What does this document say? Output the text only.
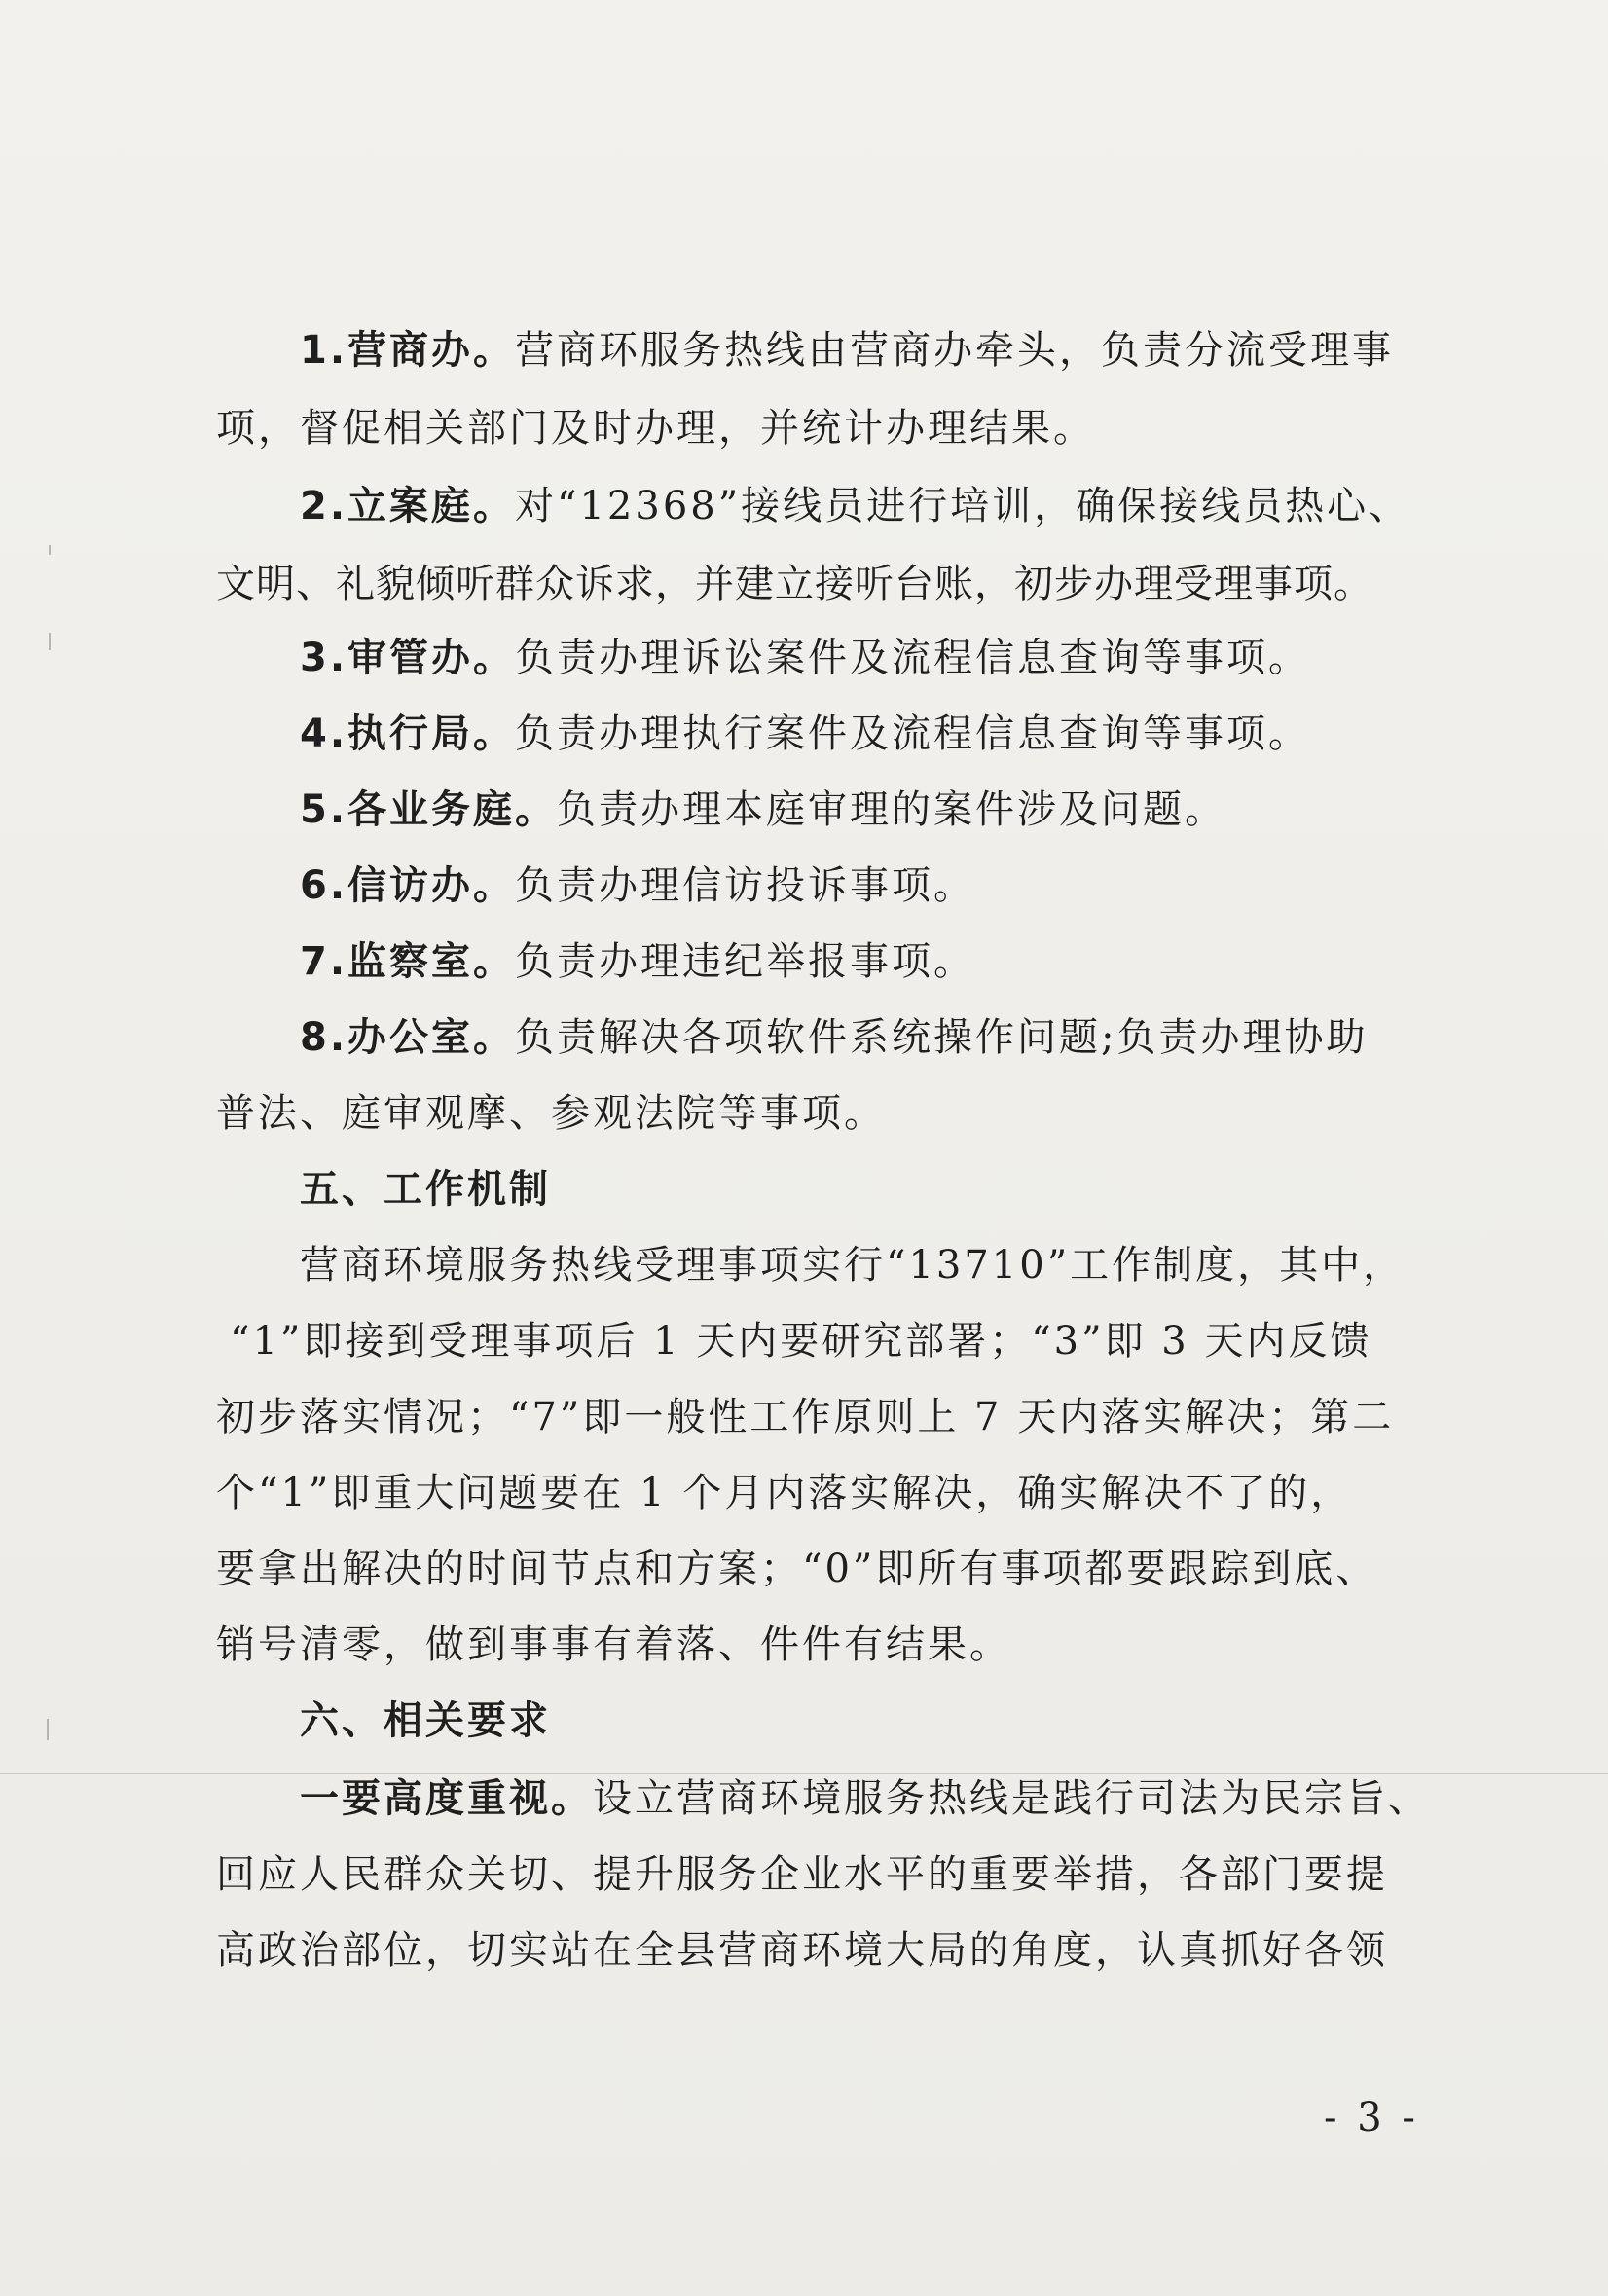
1.营商办。营商环服务热线由营商办牵头，负责分流受理事
项，督促相关部门及时办理，并统计办理结果。
2.立案庭。对“12368”接线员进行培训，确保接线员热心、
文明、礼貌倾听群众诉求，并建立接听台账，初步办理受理事项。
3.审管办。负责办理诉讼案件及流程信息查询等事项。
4.执行局。负责办理执行案件及流程信息查询等事项。
5.各业务庭。负责办理本庭审理的案件涉及问题。
6.信访办。负责办理信访投诉事项。
7.监察室。负责办理违纪举报事项。
8.办公室。负责解决各项软件系统操作问题;负责办理协助
普法、庭审观摩、参观法院等事项。
五、工作机制
营商环境服务热线受理事项实行“13710”工作制度，其中，
“1”即接到受理事项后 1 天内要研究部署；“3”即 3 天内反馈
初步落实情况；“7”即一般性工作原则上 7 天内落实解决；第二
个“1”即重大问题要在 1 个月内落实解决，确实解决不了的，
要拿出解决的时间节点和方案；“0”即所有事项都要跟踪到底、
销号清零，做到事事有着落、件件有结果。
六、相关要求
一要高度重视。设立营商环境服务热线是践行司法为民宗旨、
回应人民群众关切、提升服务企业水平的重要举措，各部门要提
高政治部位，切实站在全县营商环境大局的角度，认真抓好各领
- 3 -
